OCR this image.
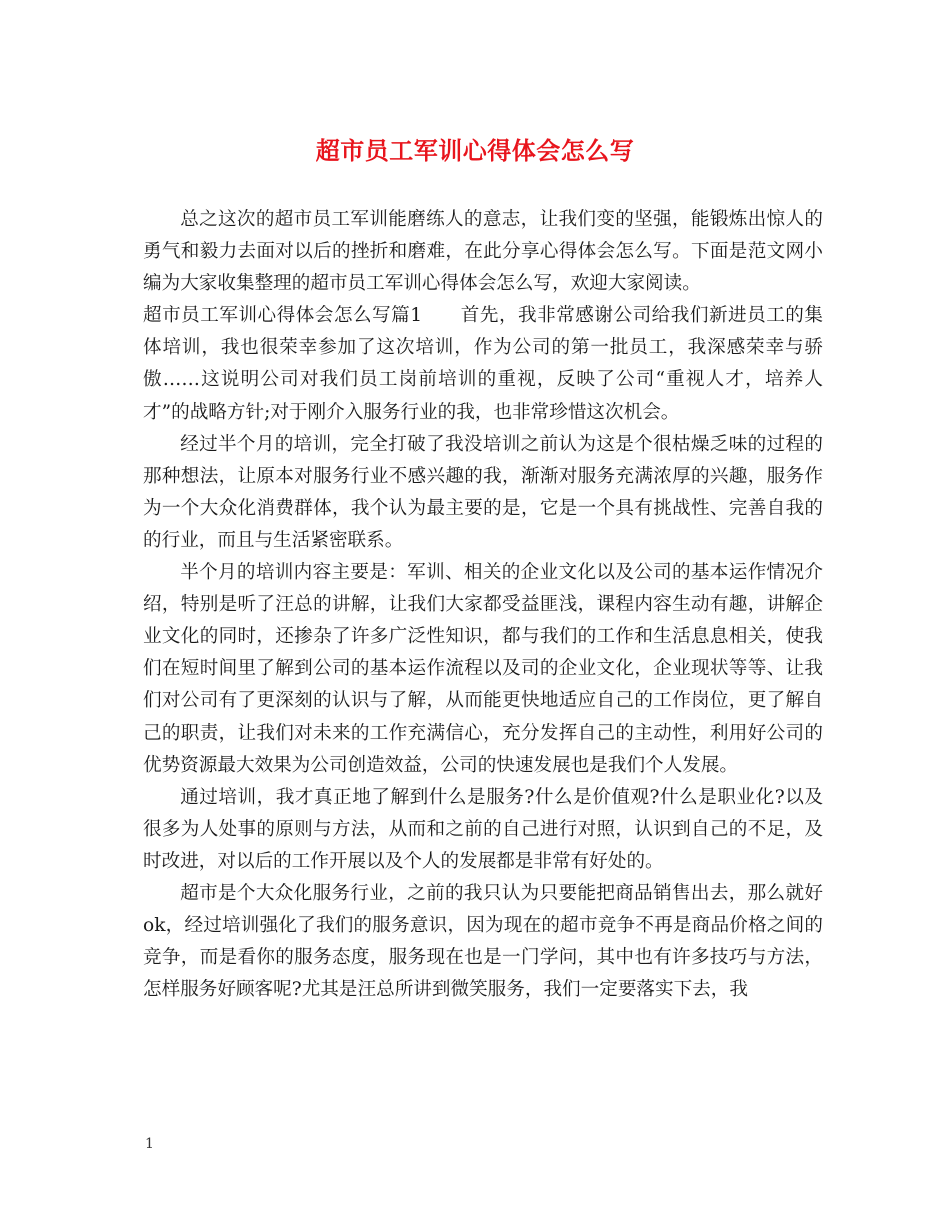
超市员工军训心得体会怎么写

总之这次的超市员工军训能磨练人的意志，让我们变的坚强，能锻炼出惊人的勇气和毅力去面对以后的挫折和磨难，在此分享心得体会怎么写。下面是范文网小编为大家收集整理的超市员工军训心得体会怎么写，欢迎大家阅读。

超市员工军训心得体会怎么写篇1　　首先，我非常感谢公司给我们新进员工的集体培训，我也很荣幸参加了这次培训，作为公司的第一批员工，我深感荣幸与骄傲……这说明公司对我们员工岗前培训的重视，反映了公司“重视人才，培养人才”的战略方针;对于刚介入服务行业的我，也非常珍惜这次机会。

经过半个月的培训，完全打破了我没培训之前认为这是个很枯燥乏味的过程的那种想法，让原本对服务行业不感兴趣的我，渐渐对服务充满浓厚的兴趣，服务作为一个大众化消费群体，我个认为最主要的是，它是一个具有挑战性、完善自我的的行业，而且与生活紧密联系。

半个月的培训内容主要是：军训、相关的企业文化以及公司的基本运作情况介绍，特别是听了汪总的讲解，让我们大家都受益匪浅，课程内容生动有趣，讲解企业文化的同时，还掺杂了许多广泛性知识，都与我们的工作和生活息息相关，使我们在短时间里了解到公司的基本运作流程以及司的企业文化，企业现状等等、让我们对公司有了更深刻的认识与了解，从而能更快地适应自己的工作岗位，更了解自己的职责，让我们对未来的工作充满信心，充分发挥自己的主动性，利用好公司的优势资源最大效果为公司创造效益，公司的快速发展也是我们个人发展。

通过培训，我才真正地了解到什么是服务?什么是价值观?什么是职业化?以及很多为人处事的原则与方法，从而和之前的自己进行对照，认识到自己的不足，及时改进，对以后的工作开展以及个人的发展都是非常有好处的。

超市是个大众化服务行业，之前的我只认为只要能把商品销售出去，那么就好ok，经过培训强化了我们的服务意识，因为现在的超市竞争不再是商品价格之间的竞争，而是看你的服务态度，服务现在也是一门学问，其中也有许多技巧与方法，怎样服务好顾客呢?尤其是汪总所讲到微笑服务，我们一定要落实下去，我

1
